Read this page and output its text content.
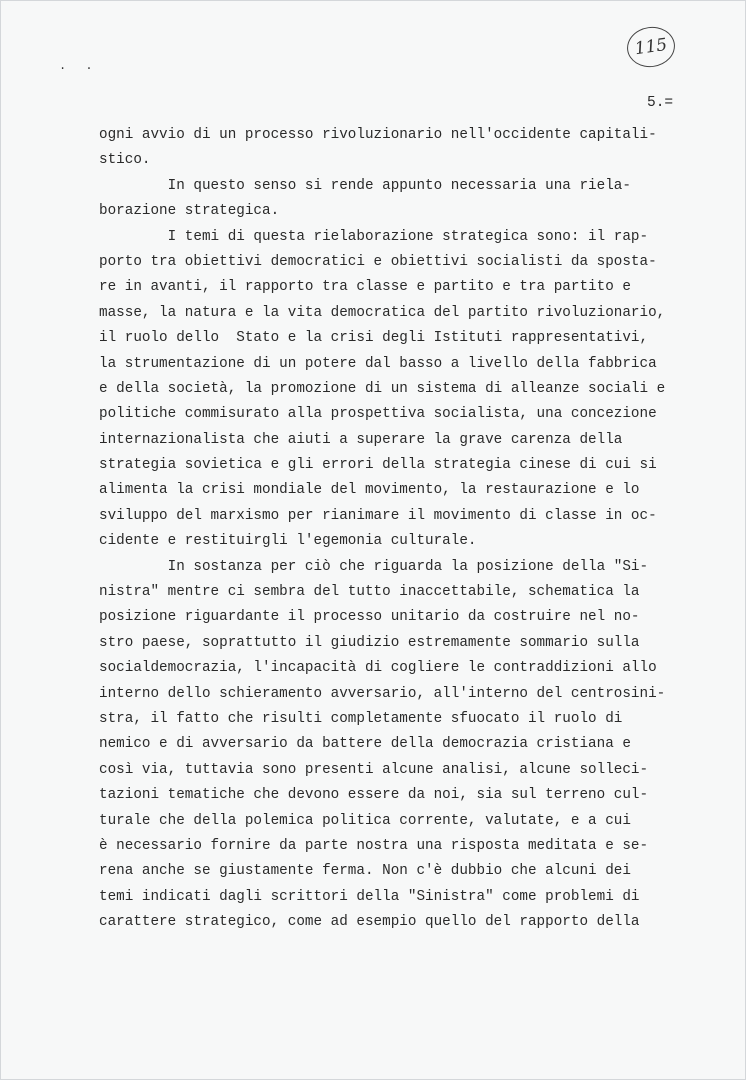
. .
115
5.=
ogni avvio di un processo rivoluzionario nell'occidente capitali-
stico.
In questo senso si rende appunto necessaria una riela-
borazione strategica.
I temi di questa rielaborazione strategica sono: il rap-
porto tra obiettivi democratici e obiettivi socialisti da sposta-
re in avanti, il rapporto tra classe e partito e tra partito e
masse, la natura e la vita democratica del partito rivoluzionario,
il ruolo dello  Stato e la crisi degli Istituti rappresentativi,
la strumentazione di un potere dal basso a livello della fabbrica
e della società, la promozione di un sistema di alleanze sociali e
politiche commisurato alla prospettiva socialista, una concezione
internazionalista che aiuti a superare la grave carenza della
strategia sovietica e gli errori della strategia cinese di cui si
alimenta la crisi mondiale del movimento, la restaurazione e lo
sviluppo del marxismo per rianimare il movimento di classe in oc-
cidente e restituirgli l'egemonia culturale.
In sostanza per ciò che riguarda la posizione della "Si-
nistra" mentre ci sembra del tutto inaccettabile, schematica la
posizione riguardante il processo unitario da costruire nel no-
stro paese, soprattutto il giudizio estremamente sommario sulla
socialdemocrazia, l'incapacità di cogliere le contraddizioni allo
interno dello schieramento avversario, all'interno del centrosini-
stra, il fatto che risulti completamente sfuocato il ruolo di
nemico e di avversario da battere della democrazia cristiana e
così via, tuttavia sono presenti alcune analisi, alcune solleci-
tazioni tematiche che devono essere da noi, sia sul terreno cul-
turale che della polemica politica corrente, valutate, e a cui
è necessario fornire da parte nostra una risposta meditata e se-
rena anche se giustamente ferma. Non c'è dubbio che alcuni dei
temi indicati dagli scrittori della "Sinistra" come problemi di
carattere strategico, come ad esempio quello del rapporto della
